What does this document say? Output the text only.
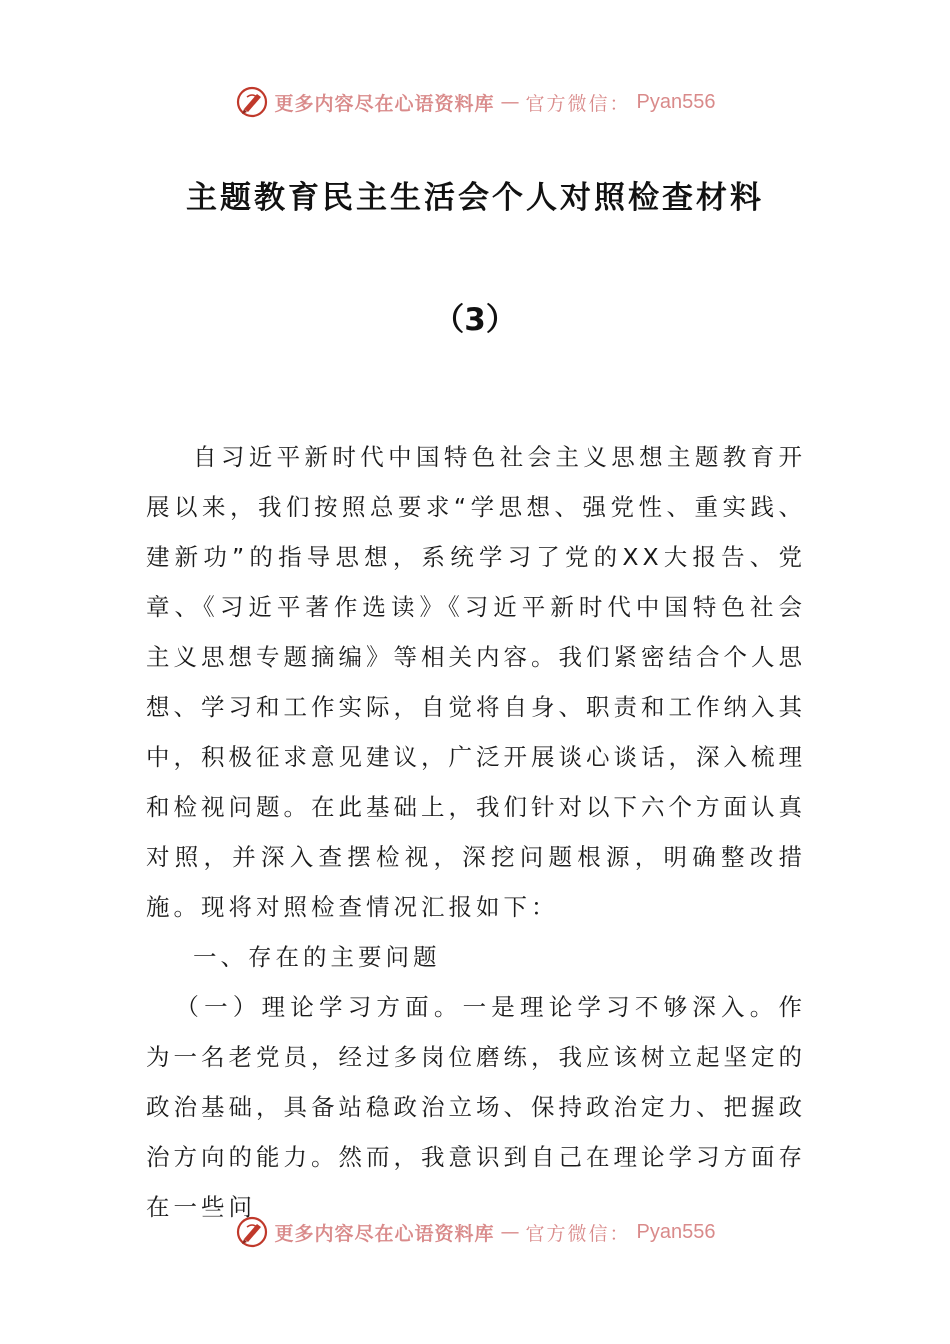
更多内容尽在心语资料库 — 官方微信： Pyan556
主题教育民主生活会个人对照检查材料
（3）

自习近平新时代中国特色社会主义思想主题教育开展以来，我们按照总要求“学思想、强党性、重实践、建新功”的指导思想，系统学习了党的XX大报告、党章、《习近平著作选读》《习近平新时代中国特色社会主义思想专题摘编》等相关内容。我们紧密结合个人思想、学习和工作实际，自觉将自身、职责和工作纳入其中，积极征求意见建议，广泛开展谈心谈话，深入梳理和检视问题。在此基础上，我们针对以下六个方面认真对照，并深入查摆检视，深挖问题根源，明确整改措施。现将对照检查情况汇报如下：

一、存在的主要问题

（一）理论学习方面。一是理论学习不够深入。作为一名老党员，经过多岗位磨练，我应该树立起坚定的政治基础，具备站稳政治立场、保持政治定力、把握政治方向的能力。然而，我意识到自己在理论学习方面存在一些问

更多内容尽在心语资料库 — 官方微信： Pyan556
